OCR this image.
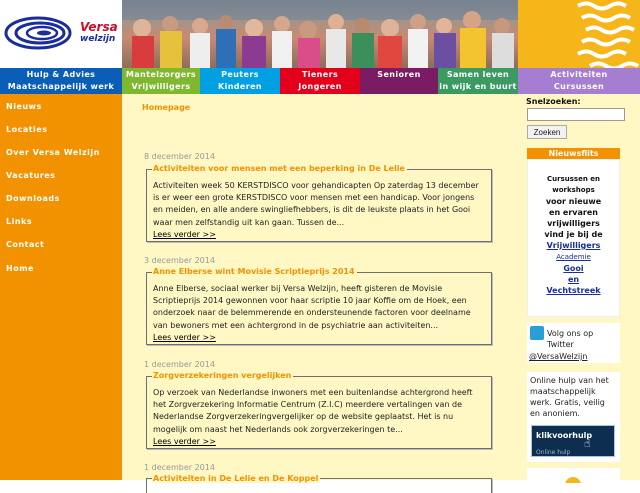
Versa
welzijn
Hulp & Advies
Maatschappelijk werk
Mantelzorgers
Vrijwilligers
Peuters
Kinderen
Tieners
Jongeren
Senioren	Samen leven
in wijk en buurt
Activiteiten
Cursussen
Nieuws
Locaties
Over Versa Welzijn
Vacatures
Downloads
Links
Contact
Home
Homepage
8 december 2014
Activiteiten week 50 KERSTDISCO voor gehandicapten Op zaterdag 13 december is er weer een grote KERSTDISCO voor mensen met een handicap. Voor jongens en meiden, en alle andere swingliefhebbers, is dit de leukste plaats in het Gooi waar men zelfstandig uit kan gaan. Tussen de...
Lees verder >>
Activiteiten voor mensen met een beperking in De Lelie
3 december 2014
Anne Elberse, sociaal werker bij Versa Welzijn, heeft gisteren de Movisie Scriptieprijs 2014 gewonnen voor haar scriptie 10 jaar Koffie om de Hoek, een onderzoek naar de belemmerende en ondersteunende factoren voor deelname van bewoners met een achtergrond in de psychiatrie aan activiteiten...
Lees verder >>
Anne Elberse wint Movisie Scriptieprijs 2014
1 december 2014
Op verzoek van Nederlandse inwoners met een buitenlandse achtergrond heeft het Zorgverzekering Informatie Centrum (Z.I.C) meerdere vertalingen van de Nederlandse Zorgverzekeringvergelijker op de website geplaatst. Het is nu mogelijk om naast het Nederlands ook zorgverzekeringen te...
Lees verder >>
Zorgverzekeringen vergelijken
1 december 2014
Activiteiten in De Lelie en De Koppel
Snelzoeken:
Zoeken
Nieuwsflits
Cursussen en workshops
voor nieuwe
en ervaren
vrijwilligers
vind je bij de
Vrijwilligers Academie
Gooi
en
Vechtstreek
Volg ons op Twitter
@VersaWelzijn
Online hulp van het maatschappelijk werk. Gratis, veilig en anoniem.
klikvoorhulp
Online hulp
☝
